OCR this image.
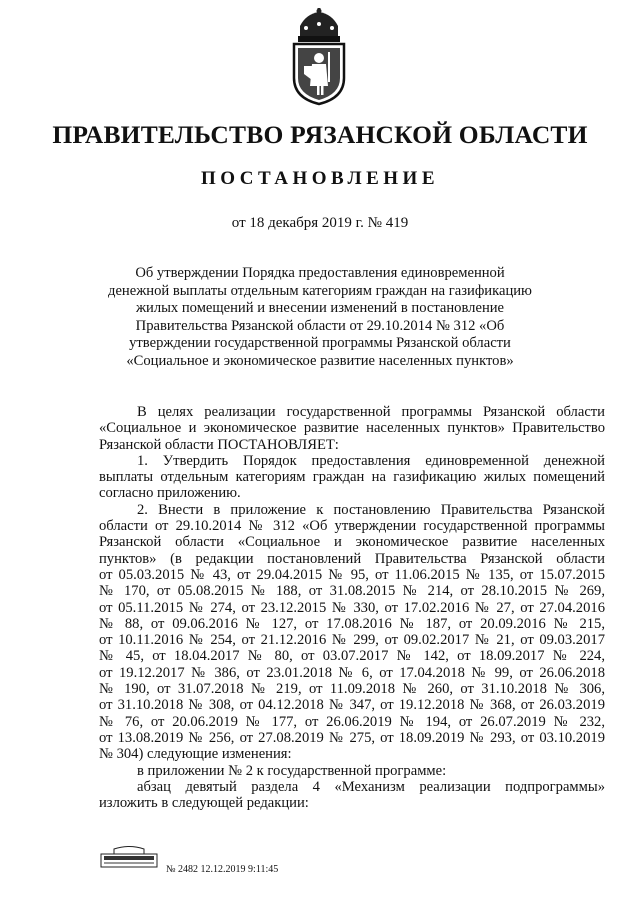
ПРАВИТЕЛЬСТВО РЯЗАНСКОЙ ОБЛАСТИ
ПОСТАНОВЛЕНИЕ
от 18 декабря 2019 г. № 419
Об утверждении Порядка предоставления единовременной
денежной выплаты отдельным категориям граждан на газификацию
жилых помещений и внесении изменений в постановление
Правительства Рязанской области от 29.10.2014 № 312 «Об
утверждении государственной программы Рязанской области
«Социальное и экономическое развитие населенных пунктов»
В целях реализации государственной программы Рязанской области
«Социальное и экономическое развитие населенных пунктов» Правительство
Рязанской области ПОСТАНОВЛЯЕТ:
1. Утвердить Порядок предоставления единовременной денежной
выплаты отдельным категориям граждан на газификацию жилых помещений
согласно приложению.
2. Внести в приложение к постановлению Правительства Рязанской
области от 29.10.2014 № 312 «Об утверждении государственной программы
Рязанской области «Социальное и экономическое развитие населенных
пунктов» (в редакции постановлений Правительства Рязанской области
от 05.03.2015 № 43, от 29.04.2015 № 95, от 11.06.2015 № 135, от 15.07.2015
№ 170, от 05.08.2015 № 188, от 31.08.2015 № 214, от 28.10.2015 № 269,
от 05.11.2015 № 274, от 23.12.2015 № 330, от 17.02.2016 № 27, от 27.04.2016
№ 88, от 09.06.2016 № 127, от 17.08.2016 № 187, от 20.09.2016 № 215,
от 10.11.2016 № 254, от 21.12.2016 № 299, от 09.02.2017 № 21, от 09.03.2017
№ 45, от 18.04.2017 № 80, от 03.07.2017 № 142, от 18.09.2017 № 224,
от 19.12.2017 № 386, от 23.01.2018 № 6, от 17.04.2018 № 99, от 26.06.2018
№ 190, от 31.07.2018 № 219, от 11.09.2018 № 260, от 31.10.2018 № 306,
от 31.10.2018 № 308, от 04.12.2018 № 347, от 19.12.2018 № 368, от 26.03.2019
№ 76, от 20.06.2019 № 177, от 26.06.2019 № 194, от 26.07.2019 № 232,
от 13.08.2019 № 256, от 27.08.2019 № 275, от 18.09.2019 № 293, от 03.10.2019
№ 304) следующие изменения:
в приложении № 2 к государственной программе:
абзац девятый раздела 4 «Механизм реализации подпрограммы»
изложить в следующей редакции:
№ 2482 12.12.2019 9:11:45
